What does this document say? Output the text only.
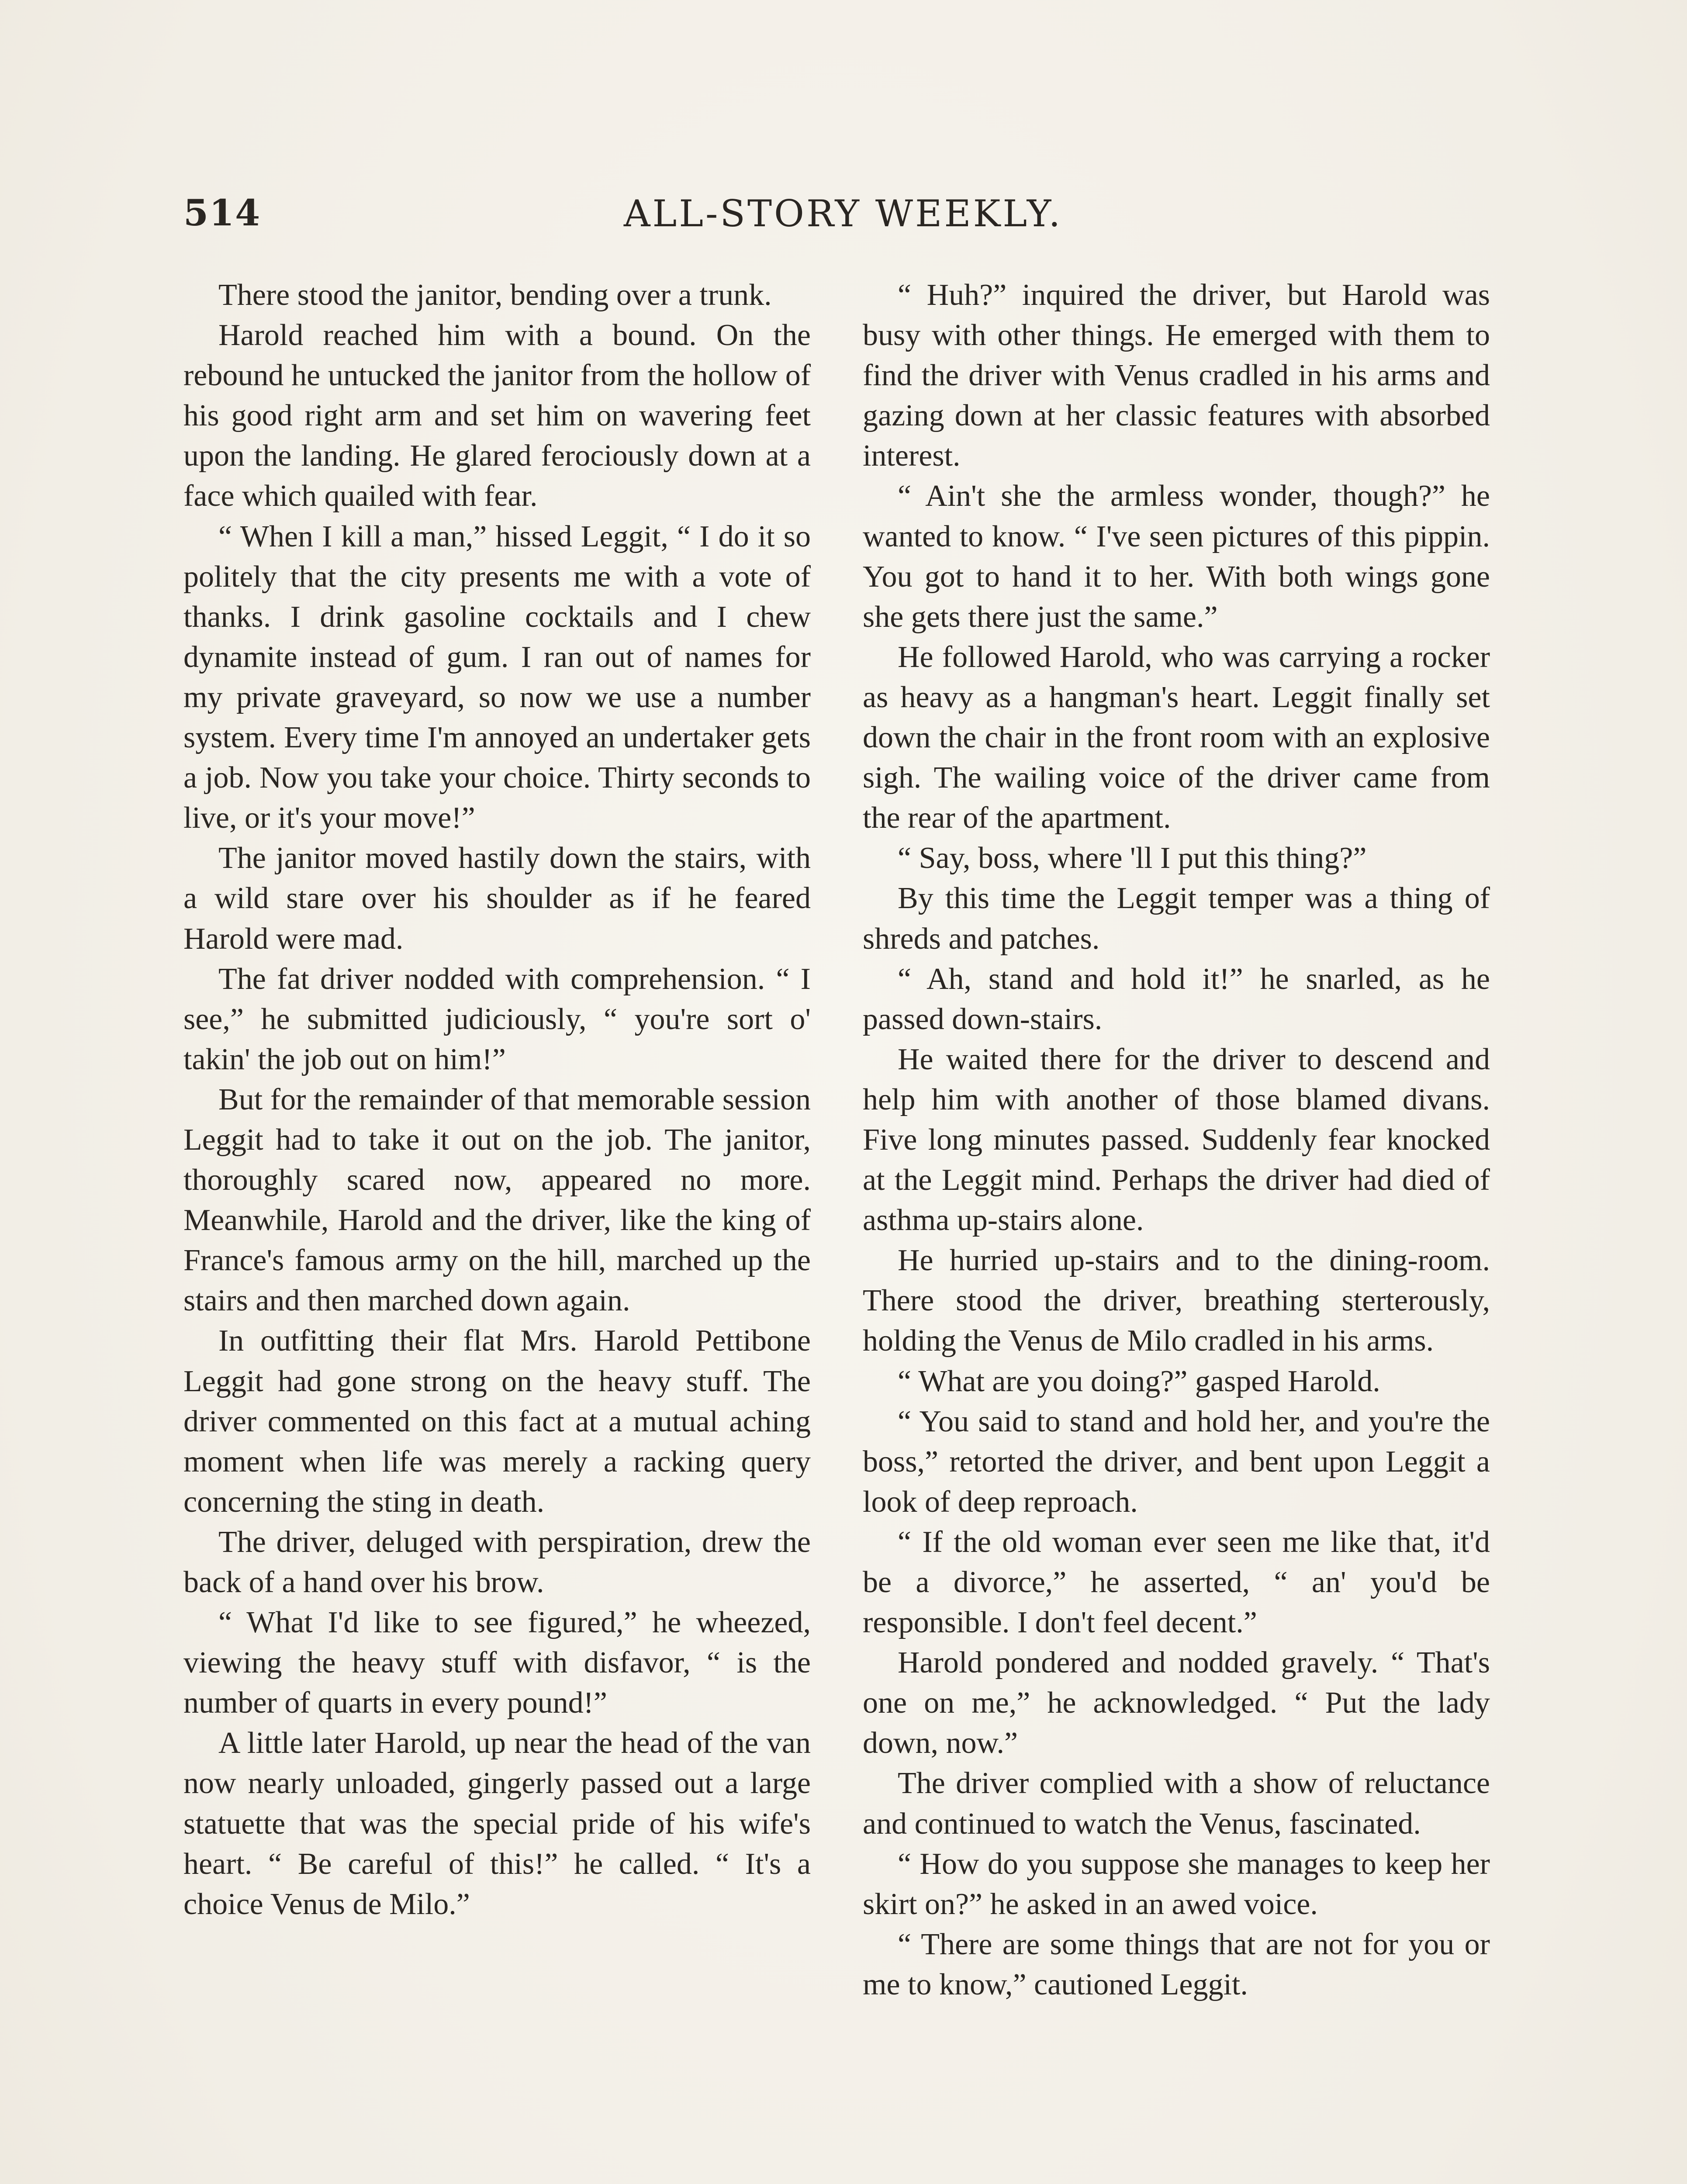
ALL-STORY WEEKLY.
514

There stood the janitor, bending over a trunk.

Harold reached him with a bound. On the rebound he untucked the janitor from the hollow of his good right arm and set him on wavering feet upon the landing. He glared ferociously down at a face which quailed with fear.

“ When I kill a man,” hissed Leggit, “ I do it so politely that the city presents me with a vote of thanks. I drink gasoline cocktails and I chew dynamite instead of gum. I ran out of names for my private graveyard, so now we use a number system. Every time I'm annoyed an undertaker gets a job. Now you take your choice. Thirty seconds to live, or it's your move!”

The janitor moved hastily down the stairs, with a wild stare over his shoulder as if he feared Harold were mad.

The fat driver nodded with comprehension. “ I see,” he submitted judiciously, “ you're sort o' takin' the job out on him!”

But for the remainder of that memorable session Leggit had to take it out on the job. The janitor, thoroughly scared now, appeared no more. Meanwhile, Harold and the driver, like the king of France's famous army on the hill, marched up the stairs and then marched down again.

In outfitting their flat Mrs. Harold Pettibone Leggit had gone strong on the heavy stuff. The driver commented on this fact at a mutual aching moment when life was merely a racking query concerning the sting in death.

The driver, deluged with perspiration, drew the back of a hand over his brow.

“ What I'd like to see figured,” he wheezed, viewing the heavy stuff with disfavor, “ is the number of quarts in every pound!”

A little later Harold, up near the head of the van now nearly unloaded, gingerly passed out a large statuette that was the special pride of his wife's heart. “ Be careful of this!” he called. “ It's a choice Venus de Milo.”

“ Huh?” inquired the driver, but Harold was busy with other things. He emerged with them to find the driver with Venus cradled in his arms and gazing down at her classic features with absorbed interest.

“ Ain't she the armless wonder, though?” he wanted to know. “ I've seen pictures of this pippin. You got to hand it to her. With both wings gone she gets there just the same.”

He followed Harold, who was carrying a rocker as heavy as a hangman's heart. Leggit finally set down the chair in the front room with an explosive sigh. The wailing voice of the driver came from the rear of the apartment.

“ Say, boss, where 'll I put this thing?”

By this time the Leggit temper was a thing of shreds and patches.

“ Ah, stand and hold it!” he snarled, as he passed down-stairs.

He waited there for the driver to descend and help him with another of those blamed divans. Five long minutes passed. Suddenly fear knocked at the Leggit mind. Perhaps the driver had died of asthma up-stairs alone.

He hurried up-stairs and to the dining-room. There stood the driver, breathing sterterously, holding the Venus de Milo cradled in his arms.

“ What are you doing?” gasped Harold.

“ You said to stand and hold her, and you're the boss,” retorted the driver, and bent upon Leggit a look of deep reproach.

“ If the old woman ever seen me like that, it'd be a divorce,” he asserted, “ an' you'd be responsible. I don't feel decent.”

Harold pondered and nodded gravely. “ That's one on me,” he acknowledged. “ Put the lady down, now.”

The driver complied with a show of reluctance and continued to watch the Venus, fascinated.

“ How do you suppose she manages to keep her skirt on?” he asked in an awed voice.

“ There are some things that are not for you or me to know,” cautioned Leggit.
